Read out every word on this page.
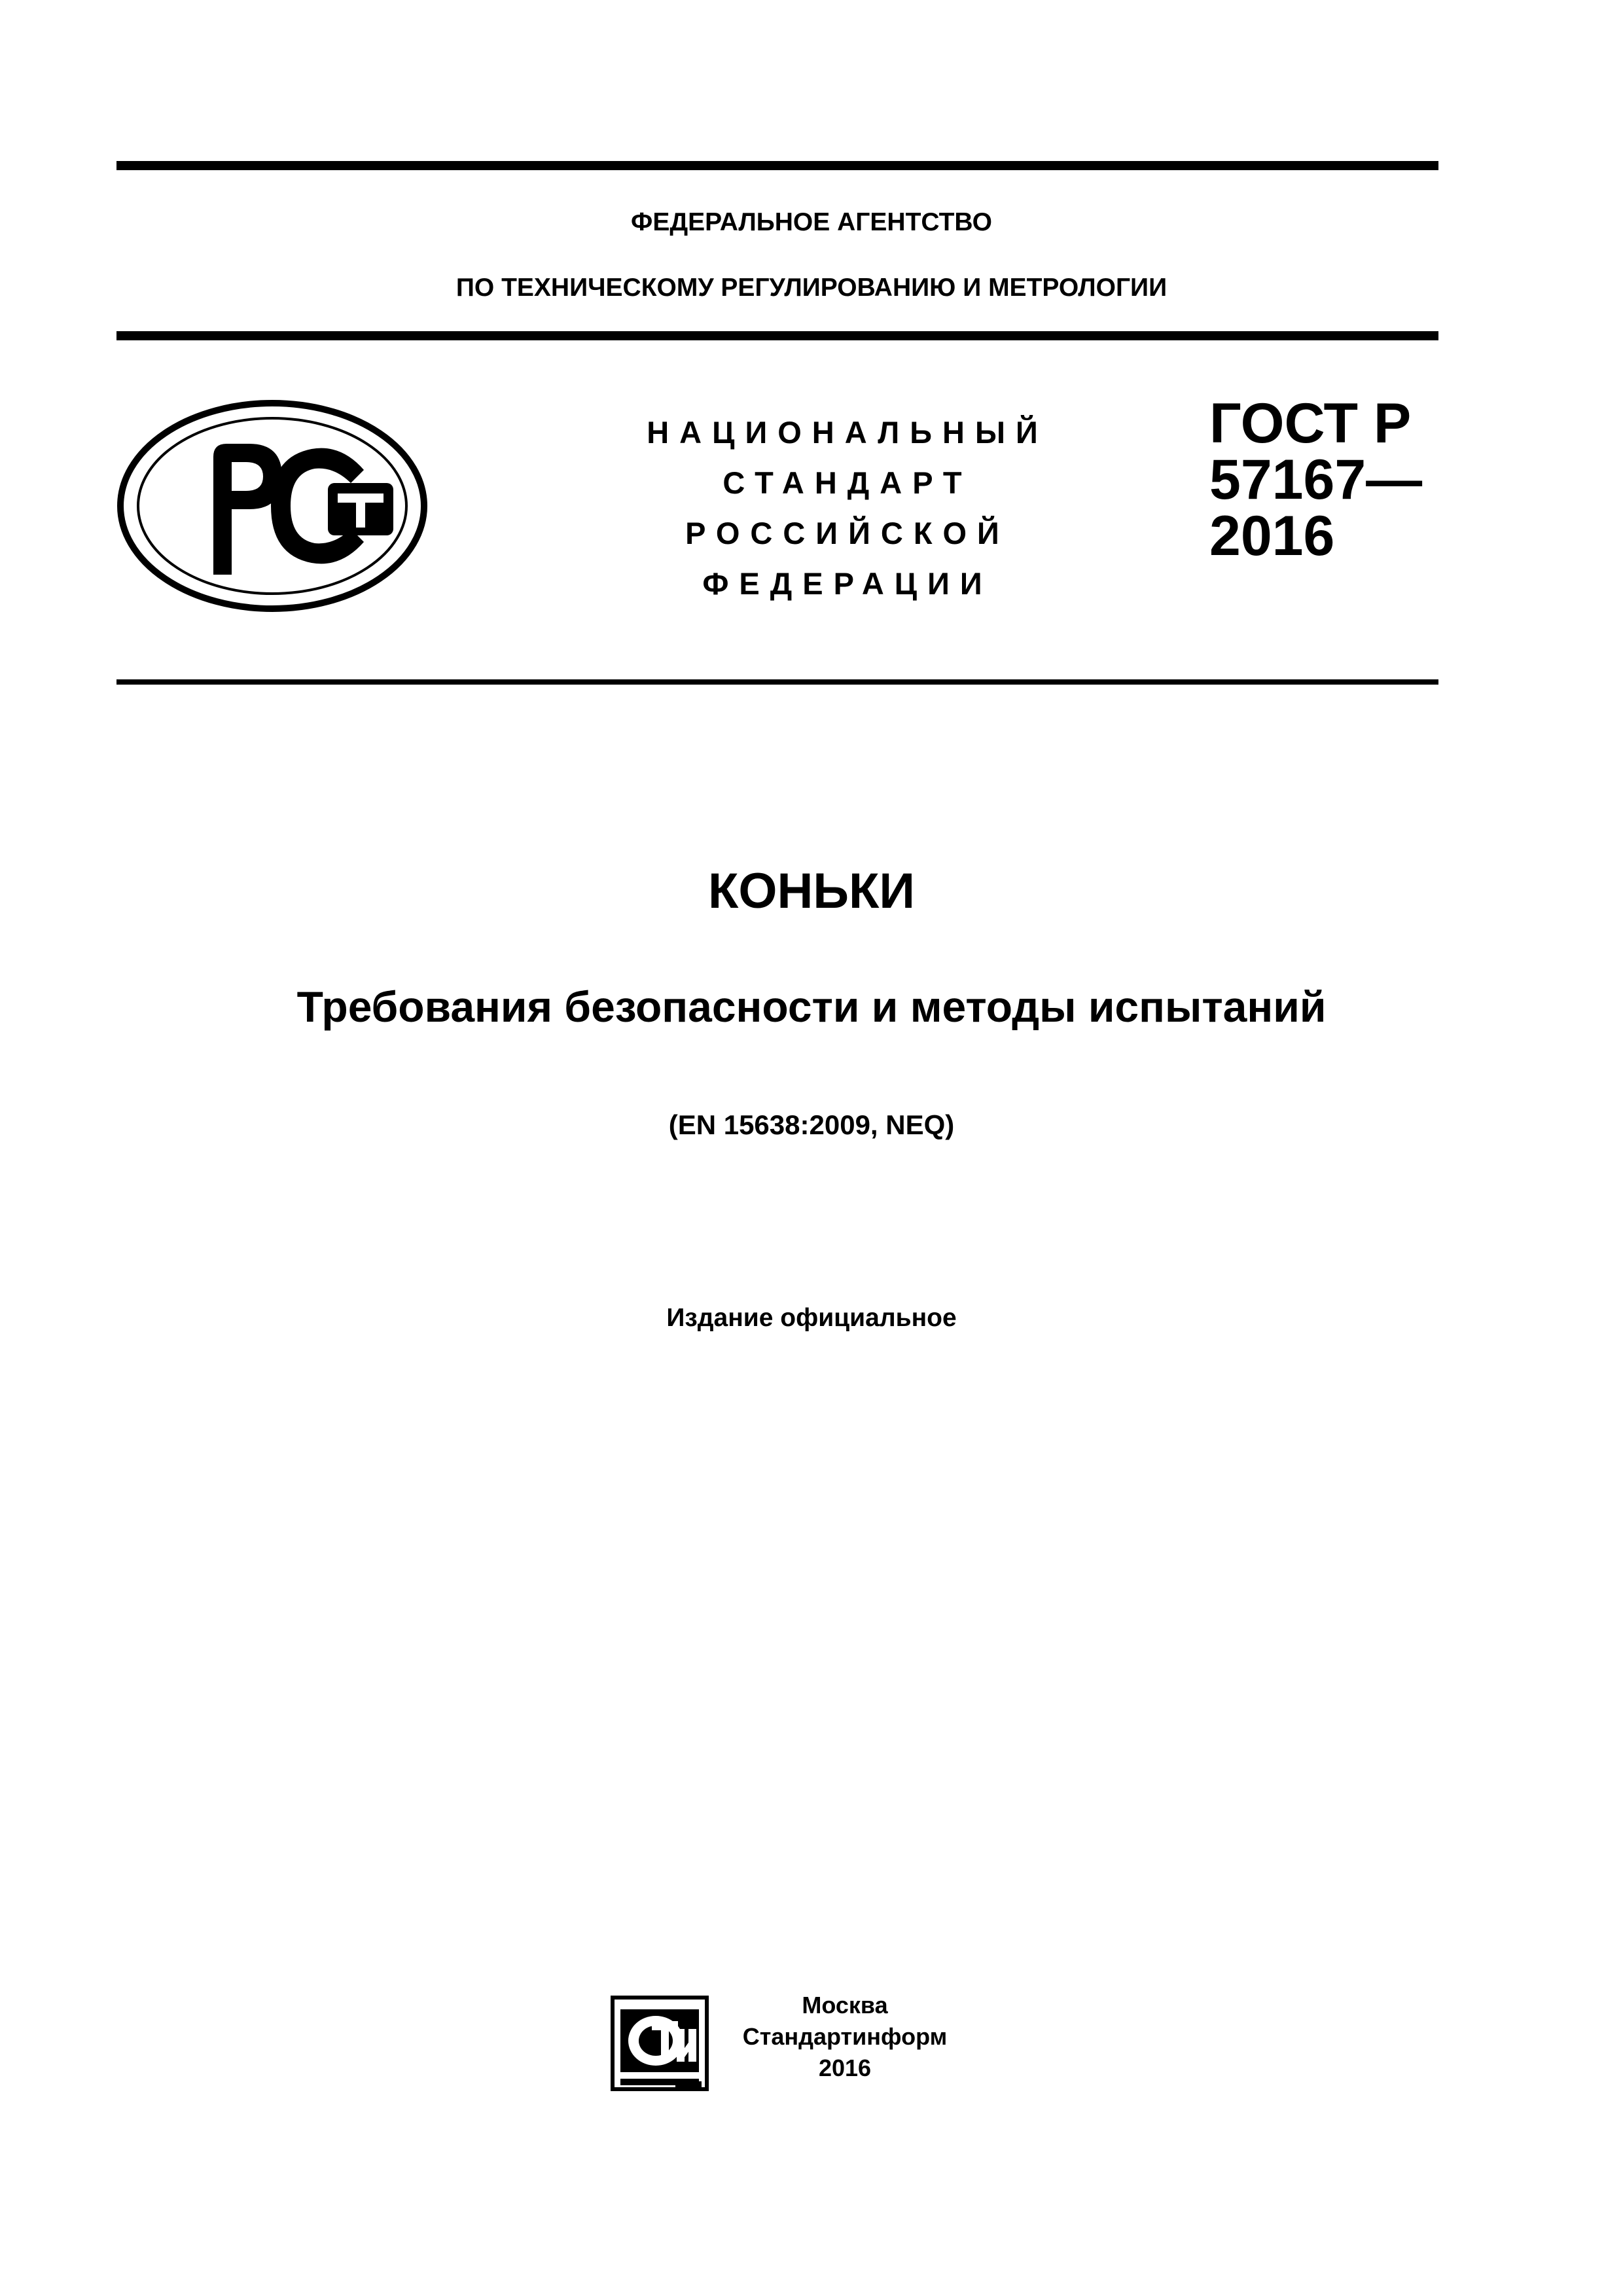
ФЕДЕРАЛЬНОЕ АГЕНТСТВО
ПО ТЕХНИЧЕСКОМУ РЕГУЛИРОВАНИЮ И МЕТРОЛОГИИ
НАЦИОНАЛЬНЫЙ
СТАНДАРТ
РОССИЙСКОЙ
ФЕДЕРАЦИИ
ГОСТ Р
57167—
2016
КОНЬКИ
Требования безопасности и методы испытаний
(EN 15638:2009, NEQ)
Издание официальное
Москва
Стандартинформ
2016
